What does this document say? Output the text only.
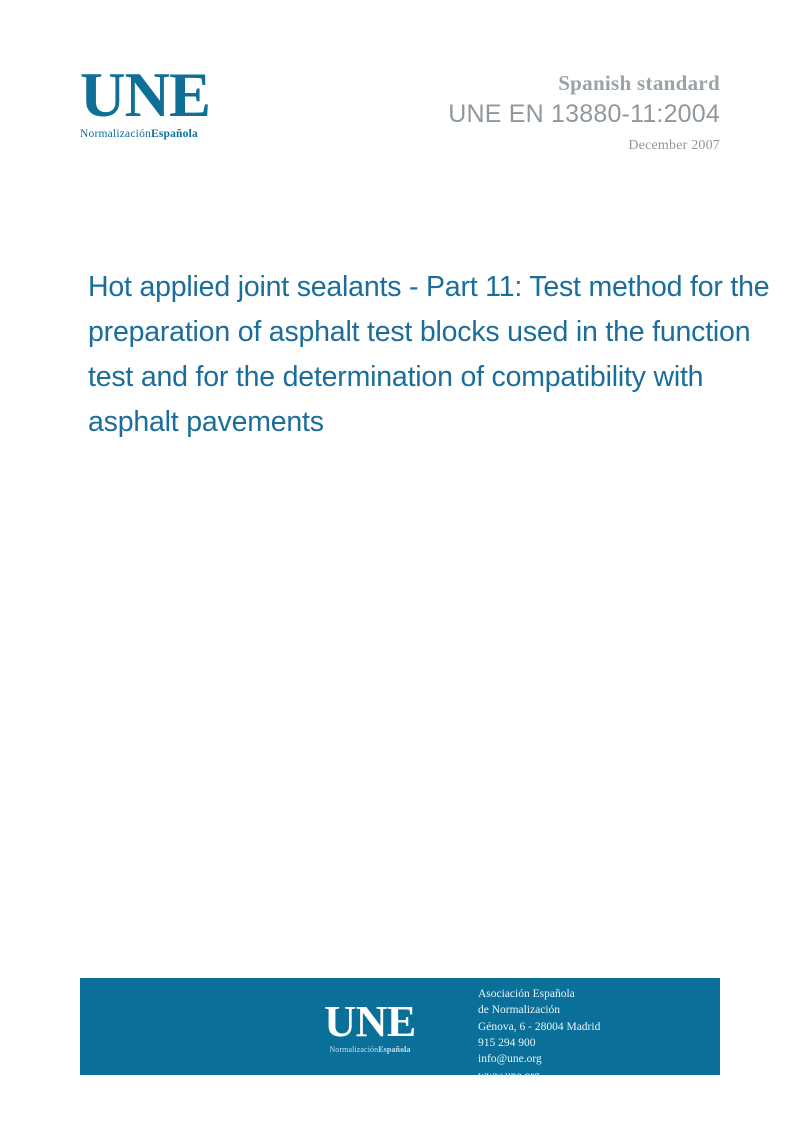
UNE
NormalizaciónEspañola
Spanish standard
UNE EN 13880-11:2004
December 2007
Hot applied joint sealants - Part 11: Test method for the preparation of asphalt test blocks used in the function test and for the determination of compatibility with asphalt pavements
UNE
NormalizaciónEspañola
Asociación Española
de Normalización
Génova, 6 - 28004 Madrid
915 294 900
info@une.org
www.une.org
